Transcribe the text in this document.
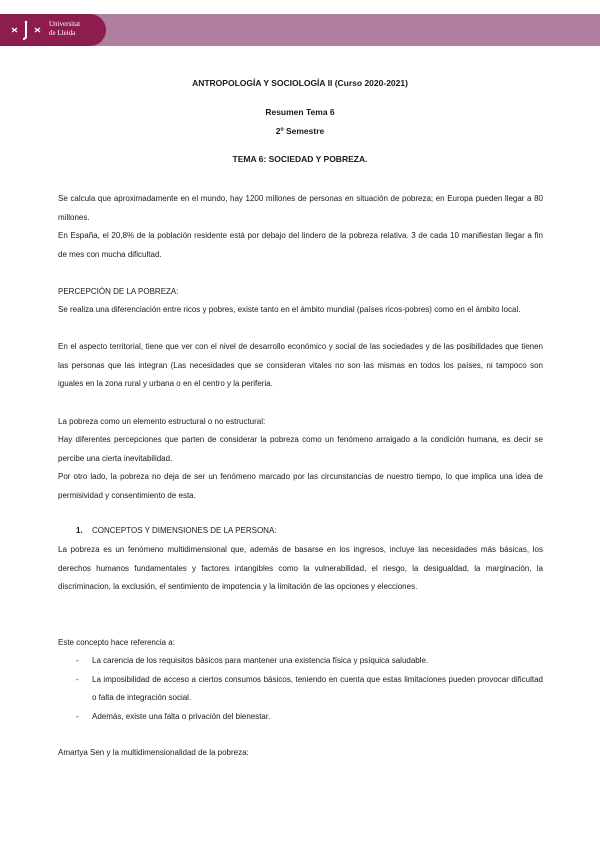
Universitat
de Lleida
ANTROPOLOGÍA Y SOCIOLOGÍA II (Curso 2020-2021)
Resumen Tema 6
2º Semestre
TEMA 6: SOCIEDAD Y POBREZA.
Se calcula que aproximadamente en el mundo, hay 1200 millones de personas en situación de pobreza; en Europa pueden llegar a 80 millones.
En España, el 20,8% de la población residente está por debajo del lindero de la pobreza relativa. 3 de cada 10 manifiestan llegar a fin de mes con mucha dificultad.
PERCEPCIÓN DE LA POBREZA:
Se realiza una diferenciación entre ricos y pobres, existe tanto en el ámbito mundial (países ricos-pobres) como en el ámbito local.
En el aspecto territorial, tiene que ver con el nivel de desarrollo económico y social de las sociedades y de las posibilidades que tienen las personas que las integran (Las necesidades que se consideran vitales no son las mismas en todos los países, ni tampoco son iguales en la zona rural y urbana o en el centro y la periferia.
La pobreza como un elemento estructural o no estructural:
Hay diferentes percepciones que parten de considerar la pobreza como un fenómeno arraigado a la condición humana, es decir se percibe una cierta inevitabilidad.
Por otro lado, la pobreza no deja de ser un fenómeno marcado por las circunstancias de nuestro tiempo, lo que implica una idea de permisividad y consentimiento de esta.
1. CONCEPTOS Y DIMENSIONES DE LA PERSONA:
La pobreza es un fenómeno multidimensional que, además de basarse en los ingresos, incluye las necesidades más básicas, los derechos humanos fundamentales y factores intangibles como la vulnerabilidad, el riesgo, la desigualdad, la marginación, la discriminacion, la exclusión, el sentimiento de impotencia y la limitación de las opciones y elecciones.
Este concepto hace referencia a:
- La carencia de los requisitos básicos para mantener una existencia física y psíquica saludable.
- La imposibilidad de acceso a ciertos consumos básicos, teniendo en cuenta que estas limitaciones pueden provocar dificultad o falta de integración social.
- Además, existe una falta o privación del bienestar.
Amartya Sen y la multidimensionalidad de la pobreza:
